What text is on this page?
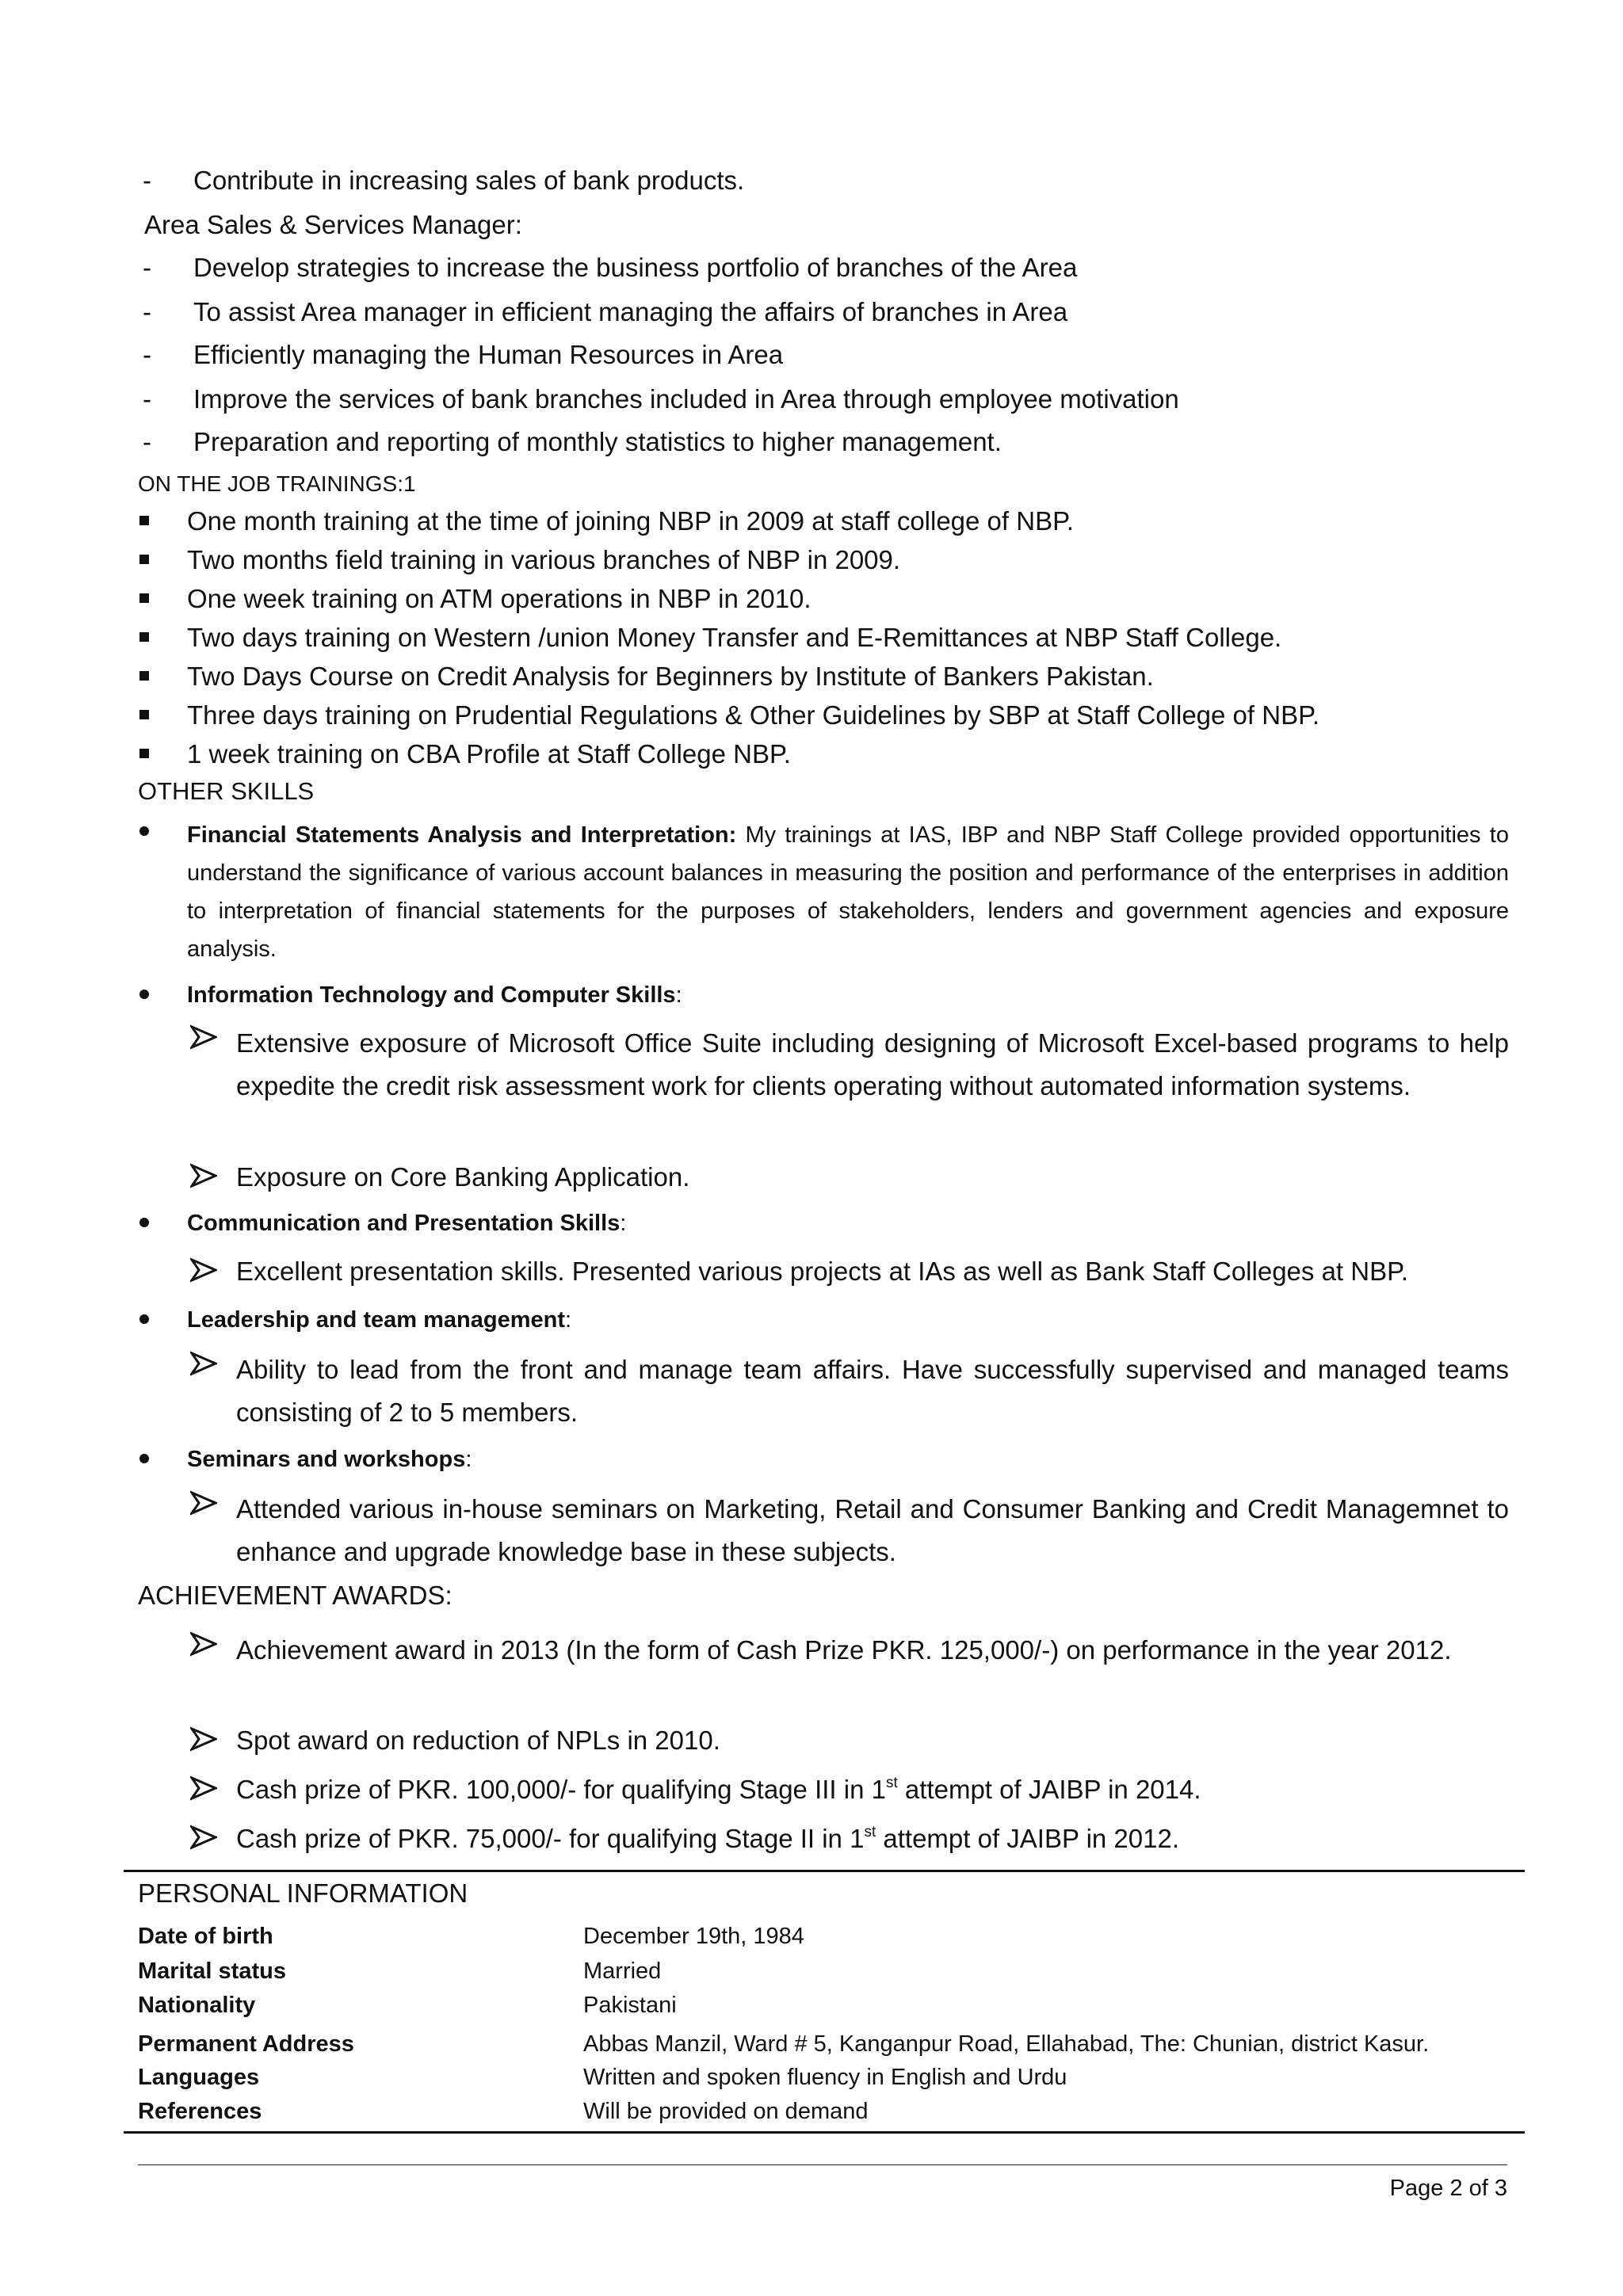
-	Contribute in increasing sales of bank products.
Area Sales & Services Manager:
-	Develop strategies to increase the business portfolio of branches of the Area
-	To assist Area manager in efficient managing the affairs of branches in Area
-	Efficiently managing the Human Resources in Area
-	Improve the services of bank branches included in Area through employee motivation
-	Preparation and reporting of monthly statistics to higher management.
ON THE JOB TRAININGS:1
One month training at the time of joining NBP in 2009 at staff college of NBP.
Two months field training in various branches of NBP in 2009.
One week training on ATM operations in NBP in 2010.
Two days training on Western /union Money Transfer and E-Remittances at NBP Staff College.
Two Days Course on Credit Analysis for Beginners by Institute of Bankers Pakistan.
Three days training on Prudential Regulations & Other Guidelines by SBP at Staff College of NBP.
1 week training on CBA Profile at Staff College NBP.
OTHER SKILLS
Financial Statements Analysis and Interpretation: My trainings at IAS, IBP and NBP Staff College provided opportunities to understand the significance of various account balances in measuring the position and performance of the enterprises in addition to interpretation of financial statements for the purposes of stakeholders, lenders and government agencies and exposure analysis.
Information Technology and Computer Skills:
Extensive exposure of Microsoft Office Suite including designing of Microsoft Excel-based programs to help expedite the credit risk assessment work for clients operating without automated information systems.
Exposure on Core Banking Application.
Communication and Presentation Skills:
Excellent presentation skills. Presented various projects at IAs as well as Bank Staff Colleges at NBP.
Leadership and team management:
Ability to lead from the front and manage team affairs. Have successfully supervised and managed teams consisting of 2 to 5 members.
Seminars and workshops:
Attended various in-house seminars on Marketing, Retail and Consumer Banking and Credit Managemnet to enhance and upgrade knowledge base in these subjects.
ACHIEVEMENT AWARDS:
Achievement award in 2013 (In the form of Cash Prize PKR. 125,000/-) on performance in the year 2012.
Spot award on reduction of NPLs in 2010.
Cash prize of PKR. 100,000/- for qualifying Stage III in 1st attempt of JAIBP in 2014.
Cash prize of PKR. 75,000/- for qualifying Stage II in 1st attempt of JAIBP in 2012.
PERSONAL INFORMATION
Date of birth	December 19th, 1984
Marital status	Married
Nationality	Pakistani
Permanent Address	Abbas Manzil, Ward # 5, Kanganpur Road, Ellahabad, The: Chunian, district Kasur.
Languages	Written and spoken fluency in English and Urdu
References	Will be provided on demand
Page 2 of 3
